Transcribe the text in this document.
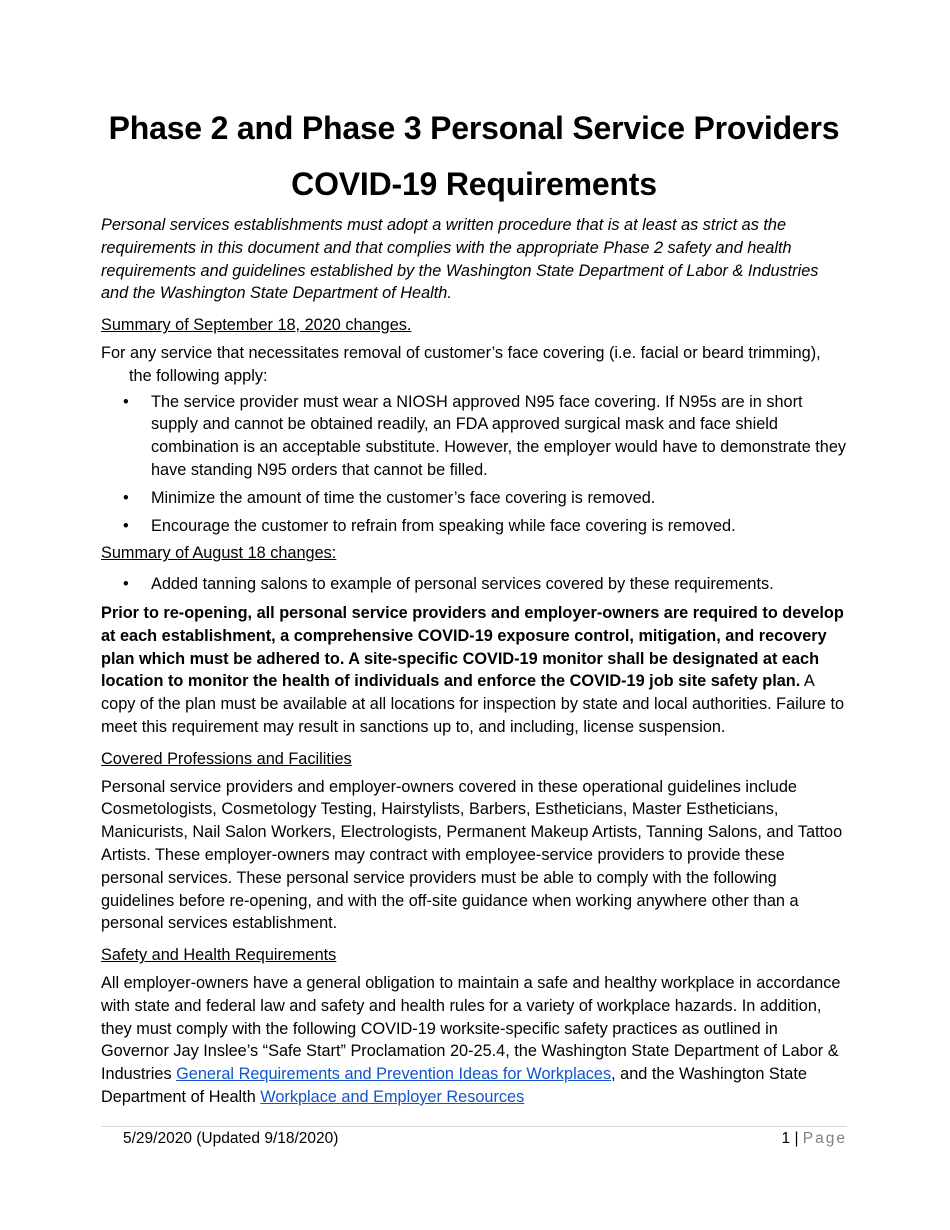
Phase 2 and Phase 3 Personal Service Providers
COVID-19 Requirements

Personal services establishments must adopt a written procedure that is at least as strict as the requirements in this document and that complies with the appropriate Phase 2 safety and health requirements and guidelines established by the Washington State Department of Labor & Industries and the Washington State Department of Health.

Summary of September 18, 2020 changes.

For any service that necessitates removal of customer’s face covering (i.e. facial or beard trimming), the following apply:

• The service provider must wear a NIOSH approved N95 face covering. If N95s are in short supply and cannot be obtained readily, an FDA approved surgical mask and face shield combination is an acceptable substitute. However, the employer would have to demonstrate they have standing N95 orders that cannot be filled.
• Minimize the amount of time the customer’s face covering is removed.
• Encourage the customer to refrain from speaking while face covering is removed.

Summary of August 18 changes:

• Added tanning salons to example of personal services covered by these requirements.

Prior to re-opening, all personal service providers and employer-owners are required to develop at each establishment, a comprehensive COVID-19 exposure control, mitigation, and recovery plan which must be adhered to. A site-specific COVID-19 monitor shall be designated at each location to monitor the health of individuals and enforce the COVID-19 job site safety plan. A copy of the plan must be available at all locations for inspection by state and local authorities. Failure to meet this requirement may result in sanctions up to, and including, license suspension.

Covered Professions and Facilities

Personal service providers and employer-owners covered in these operational guidelines include Cosmetologists, Cosmetology Testing, Hairstylists, Barbers, Estheticians, Master Estheticians, Manicurists, Nail Salon Workers, Electrologists, Permanent Makeup Artists, Tanning Salons, and Tattoo Artists. These employer-owners may contract with employee-service providers to provide these personal services. These personal service providers must be able to comply with the following guidelines before re-opening, and with the off-site guidance when working anywhere other than a personal services establishment.

Safety and Health Requirements

All employer-owners have a general obligation to maintain a safe and healthy workplace in accordance with state and federal law and safety and health rules for a variety of workplace hazards. In addition, they must comply with the following COVID-19 worksite-specific safety practices as outlined in Governor Jay Inslee’s “Safe Start” Proclamation 20-25.4, the Washington State Department of Labor & Industries General Requirements and Prevention Ideas for Workplaces, and the Washington State Department of Health Workplace and Employer Resources

5/29/2020 (Updated 9/18/2020)	1 | Page
